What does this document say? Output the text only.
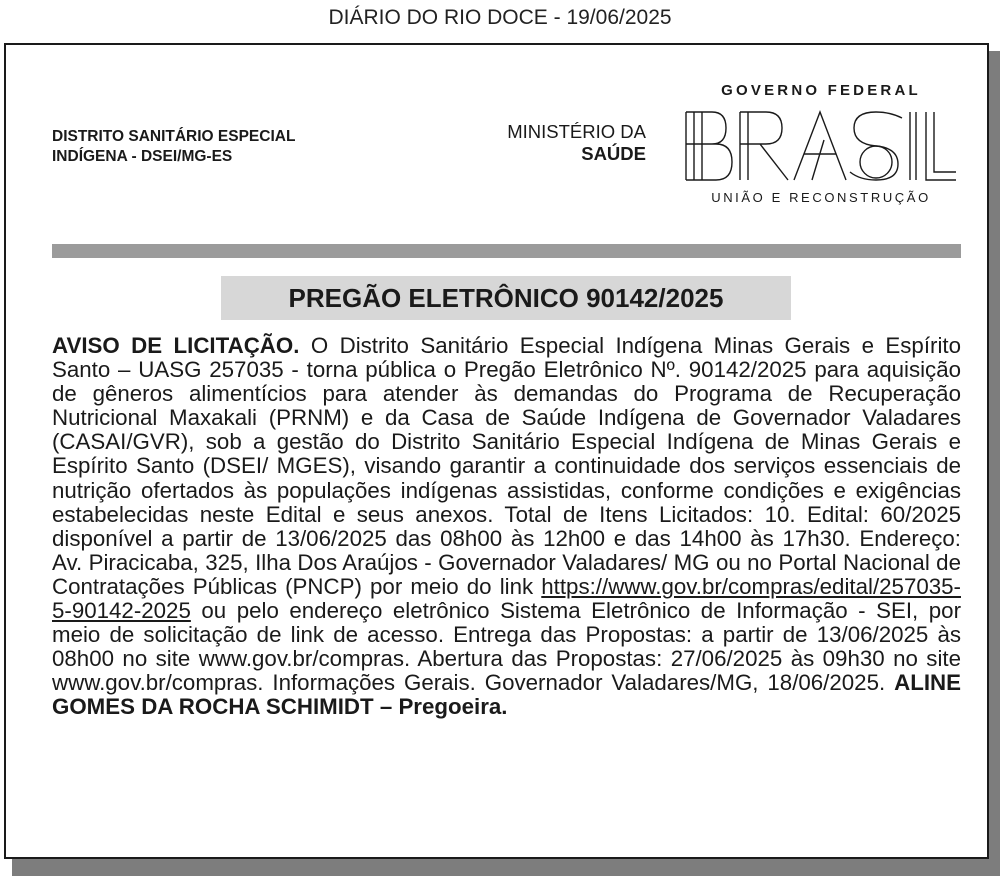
DIÁRIO DO RIO DOCE - 19/06/2025
DISTRITO SANITÁRIO ESPECIAL
INDÍGENA - DSEI/MG-ES
MINISTÉRIO DA
SAÚDE
GOVERNO FEDERAL
UNIÃO E RECONSTRUÇÃO
PREGÃO ELETRÔNICO 90142/2025
AVISO DE LICITAÇÃO. O Distrito Sanitário Especial Indígena Minas Gerais e Espírito Santo – UASG 257035 - torna pública o Pregão Eletrônico Nº. 90142/2025 para aquisição de gêneros alimentícios para atender às demandas do Programa de Recuperação Nutricional Maxakali (PRNM) e da Casa de Saúde Indígena de Governador Valadares (CASAI/GVR), sob a gestão do Distrito Sanitário Especial Indígena de Minas Gerais e Espírito Santo (DSEI/ MGES), visando garantir a continuidade dos serviços essenciais de nutrição ofertados às populações indígenas assistidas, conforme condições e exigências estabelecidas neste Edital e seus anexos. Total de Itens Licitados: 10. Edital: 60/2025 disponível a partir de 13/06/2025 das 08h00 às 12h00 e das 14h00 às 17h30. Endereço: Av. Piracicaba, 325, Ilha Dos Araújos - Governador Valadares/ MG ou no Portal Nacional de Contratações Públicas (PNCP) por meio do link https://www.gov.br/compras/edital/257035-5-90142-2025 ou pelo endereço eletrônico Sistema Eletrônico de Informação - SEI, por meio de solicitação de link de acesso. Entrega das Propostas: a partir de 13/06/2025 às 08h00 no site www.gov.br/compras. Abertura das Propostas: 27/06/2025 às 09h30 no site www.gov.br/compras. Informações Gerais. Governador Valadares/MG, 18/06/2025. ALINE GOMES DA ROCHA SCHIMIDT – Pregoeira.
